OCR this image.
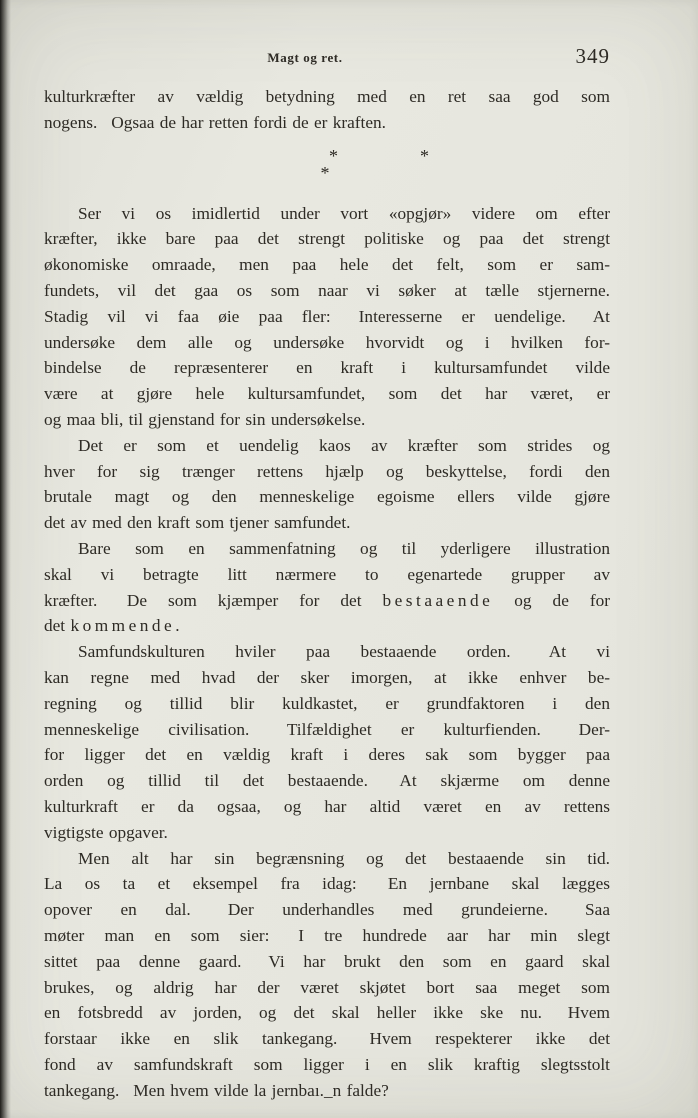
Magt og ret.	349
kulturkræfter av vældig betydning med en ret saa god som
nogens.  Ogsaa de har retten fordi de er kraften.
*	*
*
Ser vi os imidlertid under vort «opgjør» videre om efter
kræfter, ikke bare paa det strengt politiske og paa det strengt
økonomiske omraade, men paa hele det felt, som er sam-
fundets, vil det gaa os som naar vi søker at tælle stjernerne.
Stadig vil vi faa øie paa fler:  Interesserne er uendelige.  At
undersøke dem alle og undersøke hvorvidt og i hvilken for-
bindelse de repræsenterer en kraft i kultursamfundet vilde
være at gjøre hele kultursamfundet, som det har været, er
og maa bli, til gjenstand for sin undersøkelse.
Det er som et uendelig kaos av kræfter som strides og
hver for sig trænger rettens hjælp og beskyttelse, fordi den
brutale magt og den menneskelige egoisme ellers vilde gjøre
det av med den kraft som tjener samfundet.
Bare som en sammenfatning og til yderligere illustration
skal vi betragte litt nærmere to egenartede grupper av
kræfter.  De som kjæmper for det bestaaende og de for
det kommende.
Samfundskulturen hviler paa bestaaende orden.  At vi
kan regne med hvad der sker imorgen, at ikke enhver be-
regning og tillid blir kuldkastet, er grundfaktoren i den
menneskelige civilisation.  Tilfældighet er kulturfienden.  Der-
for ligger det en vældig kraft i deres sak som bygger paa
orden og tillid til det bestaaende.  At skjærme om denne
kulturkraft er da ogsaa, og har altid været en av rettens
vigtigste opgaver.
Men alt har sin begrænsning og det bestaaende sin tid.
La os ta et eksempel fra idag:  En jernbane skal lægges
opover en dal.  Der underhandles med grundeierne.  Saa
møter man en som sier:  I tre hundrede aar har min slegt
sittet paa denne gaard.  Vi har brukt den som en gaard skal
brukes, og aldrig har der været skjøtet bort saa meget som
en fotsbredd av jorden, og det skal heller ikke ske nu.  Hvem
forstaar ikke en slik tankegang.  Hvem respekterer ikke det
fond av samfundskraft som ligger i en slik kraftig slegtsstolt
tankegang.  Men hvem vilde la jernbaı._n falde?
